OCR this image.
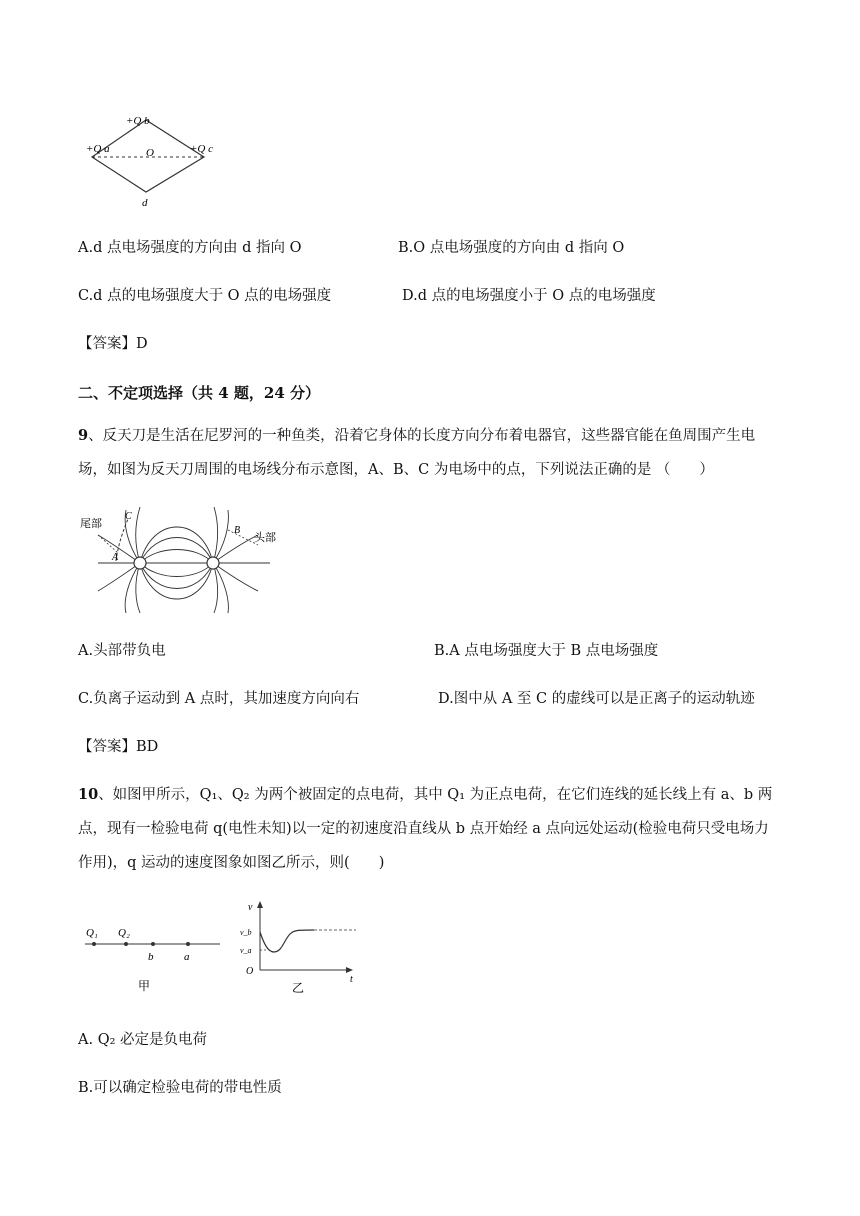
+Q b
+Q a	+Q c
O
d
A.d 点电场强度的方向由 d 指向 O	B.O 点电场强度的方向由 d 指向 O
C.d 点的电场强度大于 O 点的电场强度	D.d 点的电场强度小于 O 点的电场强度
【答案】D
二、不定项选择（共 4 题，24 分）
9、反天刀是生活在尼罗河的一种鱼类，沿着它身体的长度方向分布着电器官，这些器官能在鱼周围产生电
场，如图为反天刀周围的电场线分布示意图，A、B、C 为电场中的点，下列说法正确的是 （　　）
尾部
头部
A
B
C
A.头部带负电	B.A 点电场强度大于 B 点电场强度
C.负离子运动到 A 点时，其加速度方向向右	D.图中从 A 至 C 的虚线可以是正离子的运动轨迹
【答案】BD
10、如图甲所示，Q₁、Q₂ 为两个被固定的点电荷，其中 Q₁ 为正点电荷，在它们连线的延长线上有 a、b 两
点，现有一检验电荷 q(电性未知)以一定的初速度沿直线从 b 点开始经 a 点向远处运动(检验电荷只受电场力
作用)，q 运动的速度图象如图乙所示，则(　　)
Q₁ Q₂
b	a
甲
v
v_b
v_a
O
t
乙
A. Q₂ 必定是负电荷
B.可以确定检验电荷的带电性质
